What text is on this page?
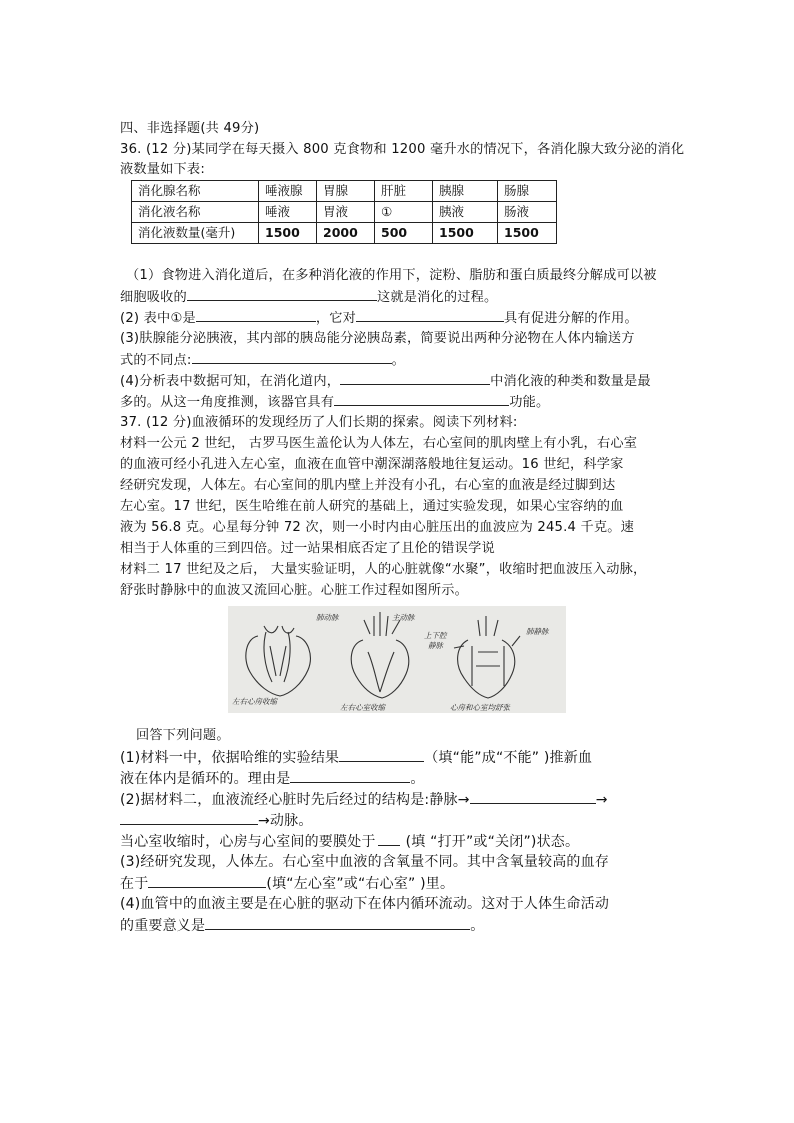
四、非选择题(共 49分)
36. (12 分)某同学在每天摄入 800 克食物和 1200 毫升水的情况下，各消化腺大致分泌的消化
液数量如下表:
消化腺名称	唾液腺	胃腺	肝脏	胰腺	肠腺
消化液名称	唾液	胃液	①	胰液	肠液
消化液数量(毫升)	1500	2000	500	1500	1500
（1）食物进入消化道后，在多种消化液的作用下，淀粉、脂肪和蛋白质最终分解成可以被
细胞吸收的	这就是消化的过程。
(2) 表中①是	，它对	具有促进分解的作用。
(3)肤腺能分泌胰液，其内部的胰岛能分泌胰岛素，简要说出两种分泌物在人体内输送方
式的不同点:	。
(4)分析表中数据可知，在消化道内，	中消化液的种类和数量是最
多的。从这一角度推测，该器官具有	功能。
37. (12 分)血液循环的发现经历了人们长期的探索。阅读下列材料:
材料一公元 2 世纪， 古罗马医生盖伦认为人体左，右心室间的肌肉壁上有小乳，右心室
的血液可经小孔进入左心室，血液在血管中潮深湖落般地往复运动。16 世纪，科学家
经研究发现，人体左。右心室间的肌内壁上并没有小孔，右心室的血液是经过脚到达
左心室。17 世纪，医生哈维在前人研究的基础上，通过实验发现，如果心宝容纳的血
液为 56.8 克。心星每分钟 72 次，则一小时内由心脏压出的血波应为 245.4 千克。速
相当于人体重的三到四倍。过一站果相底否定了且伦的错误学说
材料二 17 世纪及之后， 大量实验证明，人的心脏就像“水聚”，收缩时把血波压入动脉，
舒张时静脉中的血波又流回心脏。心脏工作过程如图所示。
左右心房收缩
左右心室收缩	心房和心室均舒张
肺动脉	主动脉
上下腔
静脉
肺静脉
回答下列问题。
(1)材料一中，依据哈维的实验结果	（填“能”成“不能” )推新血
液在体内是循环的。理由是	。
(2)据材料二，血液流经心脏时先后经过的结构是:静脉→	→
→动脉。
当心室收缩时，心房与心室间的要膜处于 (填 “打开”或“关闭”)状态。
(3)经研究发现，人体左。右心室中血液的含氧量不同。其中含氧量较高的血存
在于	(填“左心室”或“右心室” )里。
(4)血管中的血液主要是在心脏的驱动下在体内循环流动。这对于人体生命活动
的重要意义是	。
